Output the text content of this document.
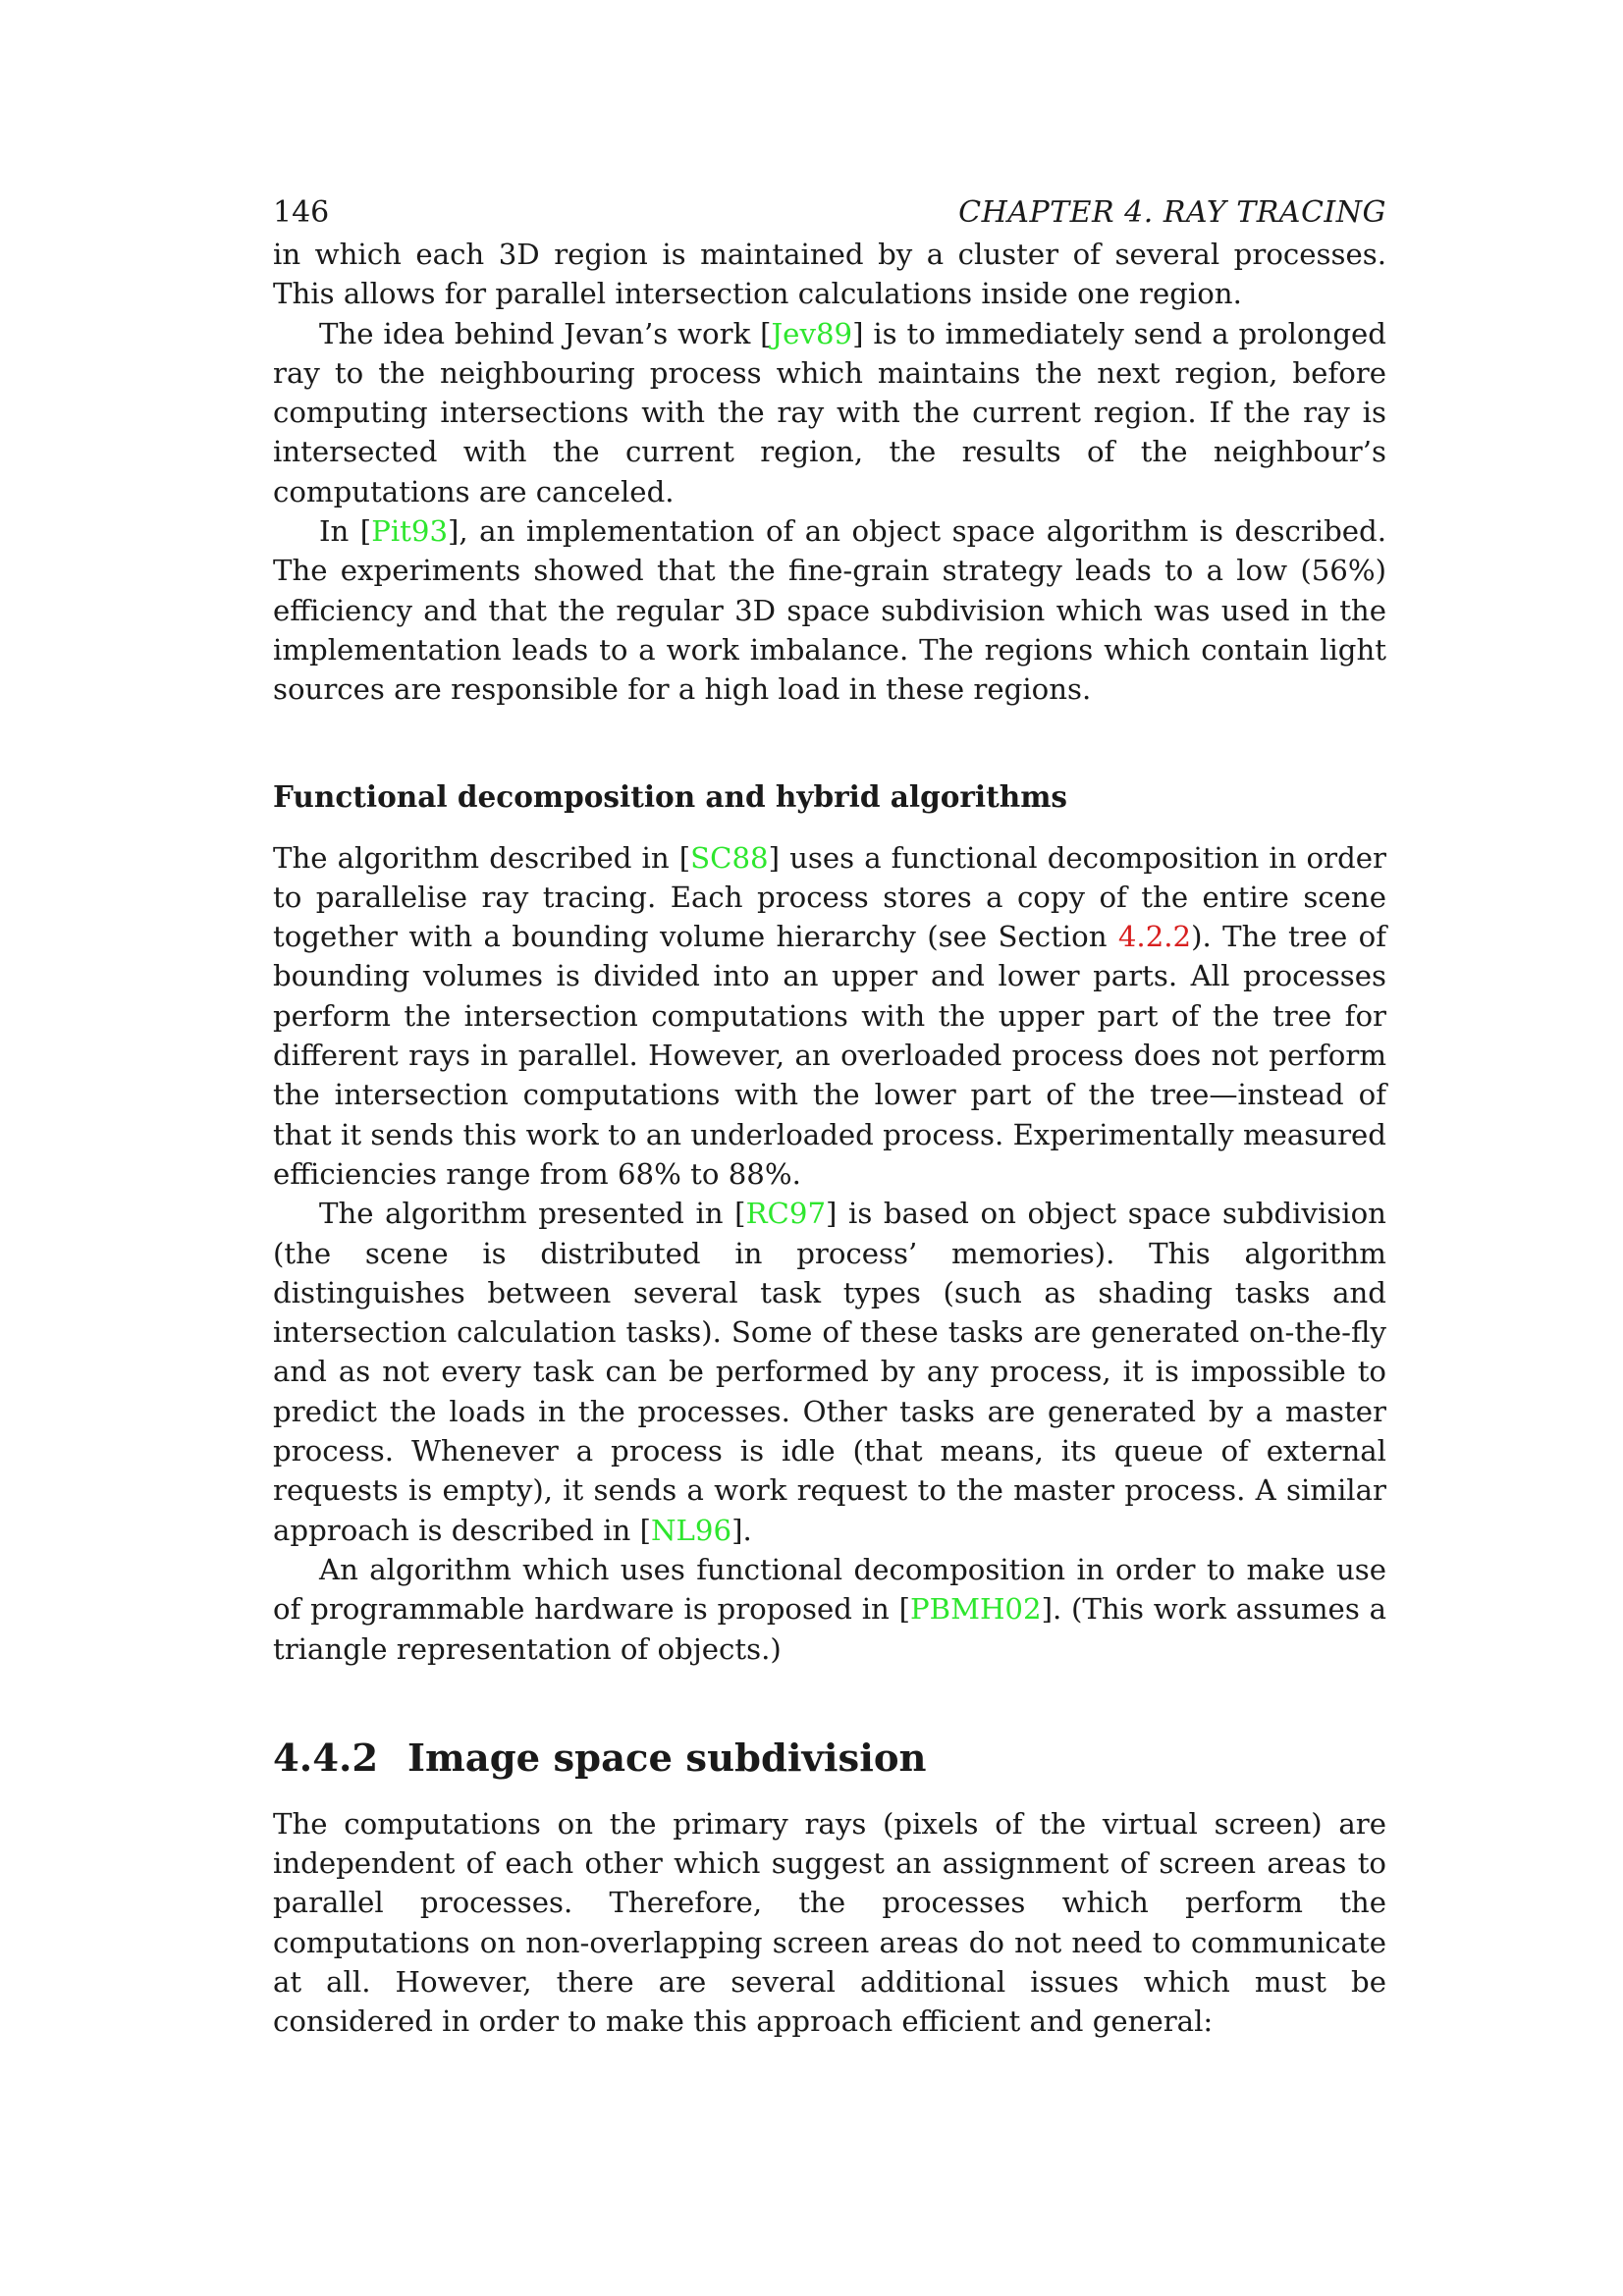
146	CHAPTER 4. RAY TRACING

in which each 3D region is maintained by a cluster of several processes. This allows for parallel intersection calculations inside one region.

The idea behind Jevan’s work [Jev89] is to immediately send a prolonged ray to the neighbouring process which maintains the next region, before computing intersections with the ray with the current region. If the ray is intersected with the current region, the results of the neighbour’s computations are canceled.

In [Pit93], an implementation of an object space algorithm is described. The experiments showed that the fine-grain strategy leads to a low (56%) efficiency and that the regular 3D space subdivision which was used in the implementation leads to a work imbalance. The regions which contain light sources are responsible for a high load in these regions.

Functional decomposition and hybrid algorithms

The algorithm described in [SC88] uses a functional decomposition in order to parallelise ray tracing. Each process stores a copy of the entire scene together with a bounding volume hierarchy (see Section 4.2.2). The tree of bounding volumes is divided into an upper and lower parts. All processes perform the intersection computations with the upper part of the tree for different rays in parallel. However, an overloaded process does not perform the intersection computations with the lower part of the tree—instead of that it sends this work to an underloaded process. Experimentally measured efficiencies range from 68% to 88%.

The algorithm presented in [RC97] is based on object space subdivision (the scene is distributed in process’ memories). This algorithm distinguishes between several task types (such as shading tasks and intersection calculation tasks). Some of these tasks are generated on-the-fly and as not every task can be performed by any process, it is impossible to predict the loads in the processes. Other tasks are generated by a master process. Whenever a process is idle (that means, its queue of external requests is empty), it sends a work request to the master process. A similar approach is described in [NL96].

An algorithm which uses functional decomposition in order to make use of programmable hardware is proposed in [PBMH02]. (This work assumes a triangle representation of objects.)

4.4.2 Image space subdivision

The computations on the primary rays (pixels of the virtual screen) are independent of each other which suggest an assignment of screen areas to parallel processes. Therefore, the processes which perform the computations on non-overlapping screen areas do not need to communicate at all. However, there are several additional issues which must be considered in order to make this approach efficient and general:
